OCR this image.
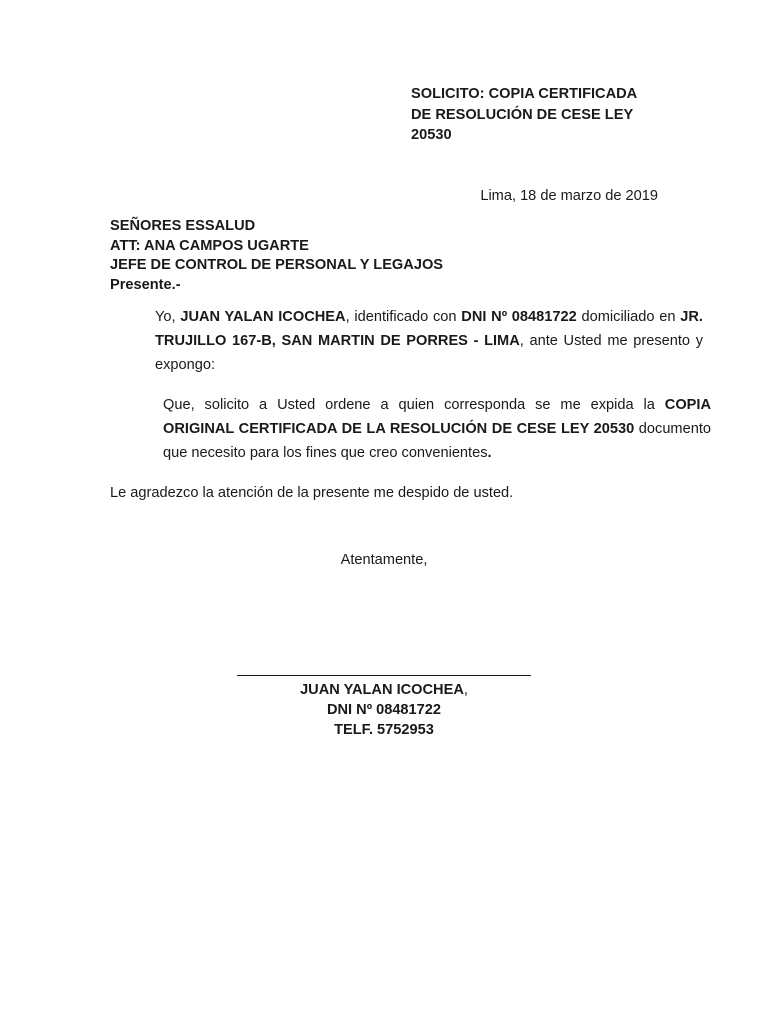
SOLICITO: COPIA CERTIFICADA
DE RESOLUCIÓN DE CESE LEY
20530
Lima, 18 de marzo de 2019
SEÑORES ESSALUD
ATT: ANA CAMPOS UGARTE
JEFE DE CONTROL DE PERSONAL Y LEGAJOS
Presente.-
Yo, JUAN YALAN ICOCHEA, identificado con DNI Nº 08481722 domiciliado en JR. TRUJILLO 167-B, SAN MARTIN DE PORRES - LIMA, ante Usted me presento y expongo:
Que, solicito a Usted ordene a quien corresponda se me expida la COPIA ORIGINAL CERTIFICADA DE LA RESOLUCIÓN DE CESE LEY 20530 documento que necesito para los fines que creo convenientes.
Le agradezco la atención de la presente me despido de usted.
Atentamente,
JUAN YALAN ICOCHEA,
DNI Nº 08481722
TELF. 5752953
